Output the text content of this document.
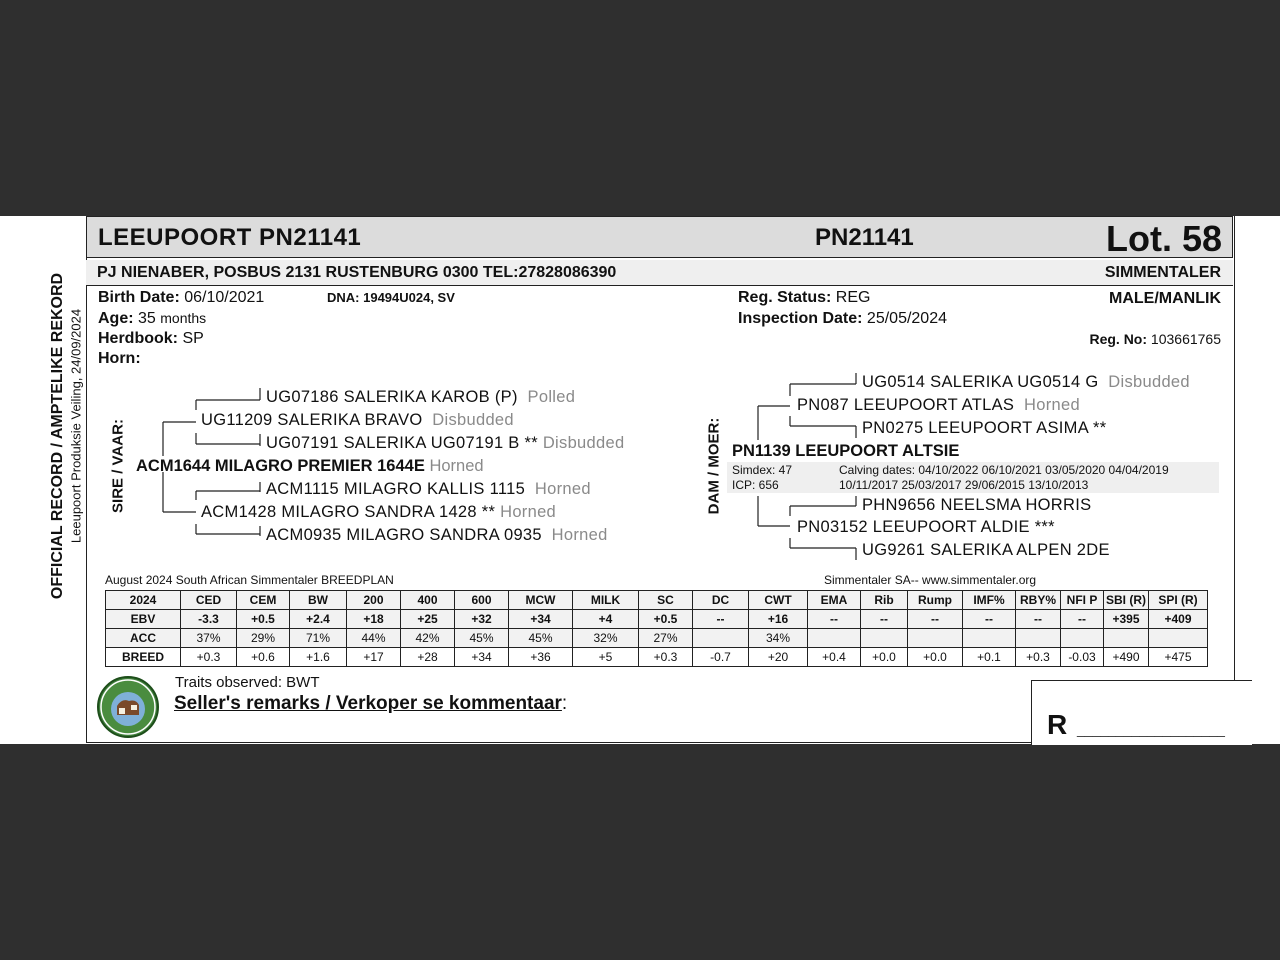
OFFICIAL RECORD / AMPTELIKE REKORD Leeupoort Produksie Veiling, 24/09/2024
LEEUPOORT PN21141	PN21141	Lot. 58
PJ NIENABER, POSBUS 2131 RUSTENBURG 0300 TEL:27828086390	SIMMENTALER
Birth Date: 06/10/2021	DNA: 19494U024, SV
Age: 35 months
Herdbook: SP
Horn:
Reg. Status: REG
Inspection Date: 25/05/2024
MALE/MANLIK
Reg. No: 103661765
SIRE / VAAR:	DAM / MOER:
UG07186 SALERIKA KAROB (P) Polled
UG11209 SALERIKA BRAVO Disbudded
UG07191 SALERIKA UG07191 B ** Disbudded
ACM1644 MILAGRO PREMIER 1644E Horned
ACM1115 MILAGRO KALLIS 1115 Horned
ACM1428 MILAGRO SANDRA 1428 ** Horned
ACM0935 MILAGRO SANDRA 0935 Horned
UG0514 SALERIKA UG0514 G Disbudded
PN087 LEEUPOORT ATLAS Horned
PN0275 LEEUPOORT ASIMA **
PN1139 LEEUPOORT ALTSIE
Simdex: 47
ICP: 656
Calving dates: 04/10/2022 06/10/2021 03/05/2020 04/04/2019
10/11/2017 25/03/2017 29/06/2015 13/10/2013
PHN9656 NEELSMA HORRIS
PN03152 LEEUPOORT ALDIE ***
UG9261 SALERIKA ALPEN 2DE
August 2024 South African Simmentaler BREEDPLAN	Simmentaler SA-- www.simmentaler.org
2024	CED	CEM	BW	200	400	600	MCW	MILK	SC	DC	CWT	EMA	Rib	Rump	IMF%	RBY%	NFI P	SBI (R)	SPI (R)
EBV	-3.3	+0.5	+2.4	+18	+25	+32	+34	+4	+0.5	--	+16	--	--	--	--	--	--	+395	+409
ACC	37%	29%	71%	44%	42%	45%	45%	32%	27%		34%								
BREED	+0.3	+0.6	+1.6	+17	+28	+34	+36	+5	+0.3	-0.7	+20	+0.4	+0.0	+0.0	+0.1	+0.3	-0.03	+490	+475
Traits observed: BWT
Seller's remarks / Verkoper se kommentaar:
R ___________________
